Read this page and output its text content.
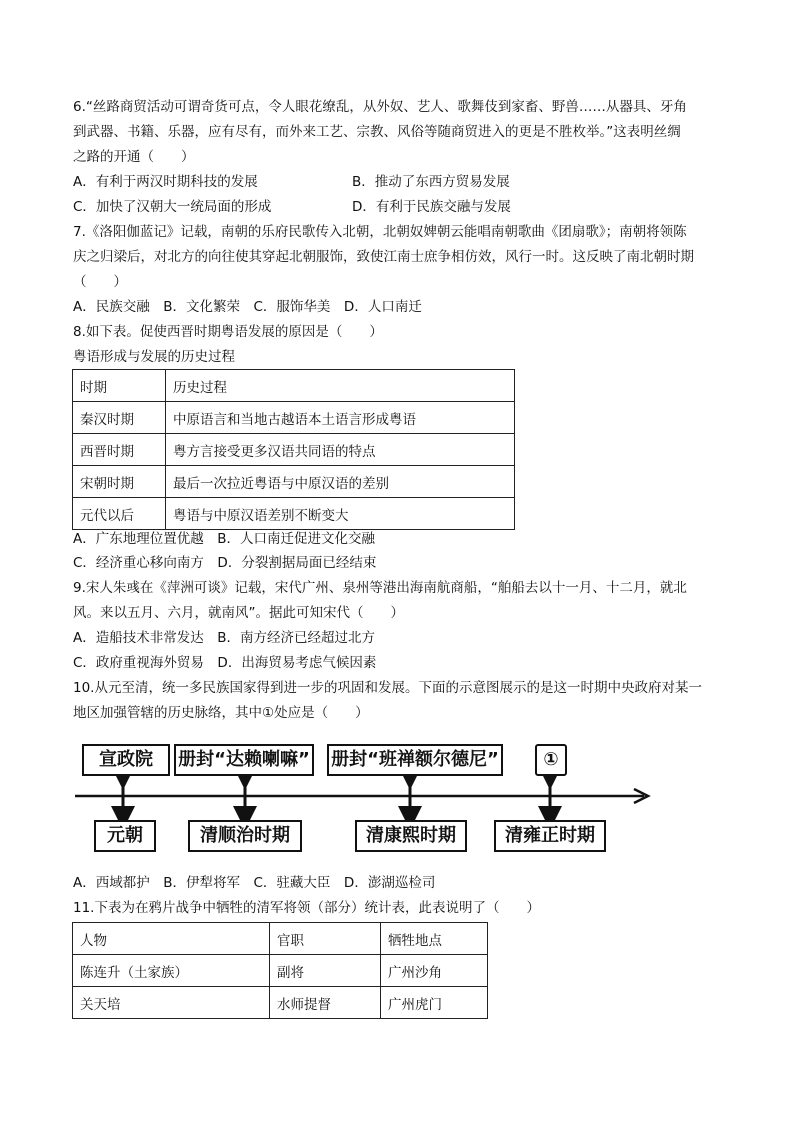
6.“丝路商贸活动可谓奇货可点，令人眼花缭乱，从外奴、艺人、歌舞伎到家畜、野兽……从器具、牙角
到武器、书籍、乐器，应有尽有，而外来工艺、宗教、风俗等随商贸进入的更是不胜枚举。”这表明丝绸
之路的开通（　　）
A．有利于两汉时期科技的发展	B．推动了东西方贸易发展
C．加快了汉朝大一统局面的形成	D．有利于民族交融与发展
7.《洛阳伽蓝记》记载，南朝的乐府民歌传入北朝，北朝奴婢朝云能唱南朝歌曲《团扇歌》；南朝将领陈
庆之归梁后，对北方的向往使其穿起北朝服饰，致使江南士庶争相仿效，风行一时。这反映了南北朝时期
（　　）
A．民族交融　B．文化繁荣　C．服饰华美　D．人口南迁
8.如下表。促使西晋时期粤语发展的原因是（　　）
粤语形成与发展的历史过程
时期	历史过程
秦汉时期	中原语言和当地古越语本土语言形成粤语
西晋时期	粤方言接受更多汉语共同语的特点
宋朝时期	最后一次拉近粤语与中原汉语的差别
元代以后	粤语与中原汉语差别不断变大
A．广东地理位置优越　B．人口南迁促进文化交融
C．经济重心移向南方　D．分裂割据局面已经结束
9.宋人朱彧在《萍洲可谈》记载，宋代广州、泉州等港出海南航商船，“舶船去以十一月、十二月，就北
风。来以五月、六月，就南风”。据此可知宋代（　　）
A．造船技术非常发达　B．南方经济已经超过北方
C．政府重视海外贸易　D．出海贸易考虑气候因素
10.从元至清，统一多民族国家得到进一步的巩固和发展。下面的示意图展示的是这一时期中央政府对某一
地区加强管辖的历史脉络，其中①处应是（　　）
宣政院	册封“达赖喇嘛” 册封“班禅额尔德尼”	①
元朝	清顺治时期	清康熙时期	清雍正时期
A．西域都护　B．伊犁将军　C．驻藏大臣　D．澎湖巡检司
11.下表为在鸦片战争中牺牲的清军将领（部分）统计表，此表说明了（　　）
人物	官职	牺牲地点
陈连升（土家族）	副将	广州沙角
关天培	水师提督	广州虎门
